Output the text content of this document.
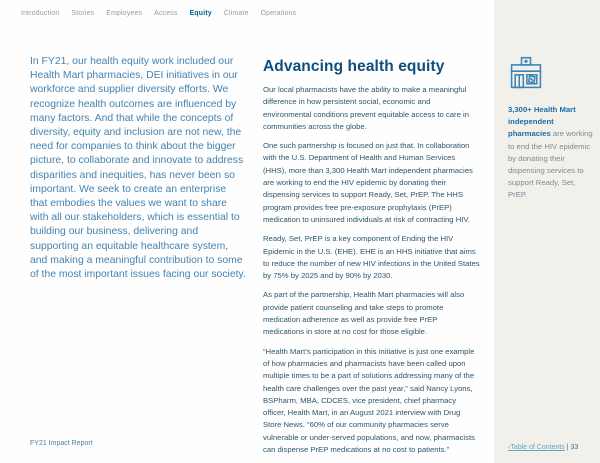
Introduction Stories Employees Access Equity Climate Operations

In FY21, our health equity work included our Health Mart pharmacies, DEI initiatives in our workforce and supplier diversity efforts. We recognize health outcomes are influenced by many factors. And that while the concepts of diversity, equity and inclusion are not new, the need for companies to think about the bigger picture, to collaborate and innovate to address disparities and inequities, has never been so important. We seek to create an enterprise that embodies the values we want to share with all our stakeholders, which is essential to building our business, delivering and supporting an equitable healthcare system, and making a meaningful contribution to some of the most important issues facing our society.

Advancing health equity

Our local pharmacists have the ability to make a meaningful difference in how persistent social, economic and environmental conditions prevent equitable access to care in communities across the globe.

One such partnership is focused on just that. In collaboration with the U.S. Department of Health and Human Services (HHS), more than 3,300 Health Mart independent pharmacies are working to end the HIV epidemic by donating their dispensing services to support Ready, Set, PrEP. The HHS program provides free pre-exposure prophylaxis (PrEP) medication to uninsured individuals at risk of contracting HIV.

Ready, Set, PrEP is a key component of Ending the HIV Epidemic in the U.S. (EHE). EHE is an HHS initiative that aims to reduce the number of new HIV infections in the United States by 75% by 2025 and by 90% by 2030.

As part of the partnership, Health Mart pharmacies will also provide patient counseling and take steps to promote medication adherence as well as provide free PrEP medications in store at no cost for those eligible.

“Health Mart’s participation in this initiative is just one example of how pharmacies and pharmacists have been called upon multiple times to be a part of solutions addressing many of the health care challenges over the past year,” said Nancy Lyons, BSPharm, MBA, CDCES, vice president, chief pharmacy officer, Health Mart, in an August 2021 interview with Drug Store News. “60% of our community pharmacies serve vulnerable or under-served populations, and now, pharmacists can dispense PrEP medications at no cost to patients.”

3,300+ Health Mart independent pharmacies are working to end the HIV epidemic by donating their dispensing services to support Ready, Set, PrEP.

‹Table of Contents | 33
FY21 Impact Report
